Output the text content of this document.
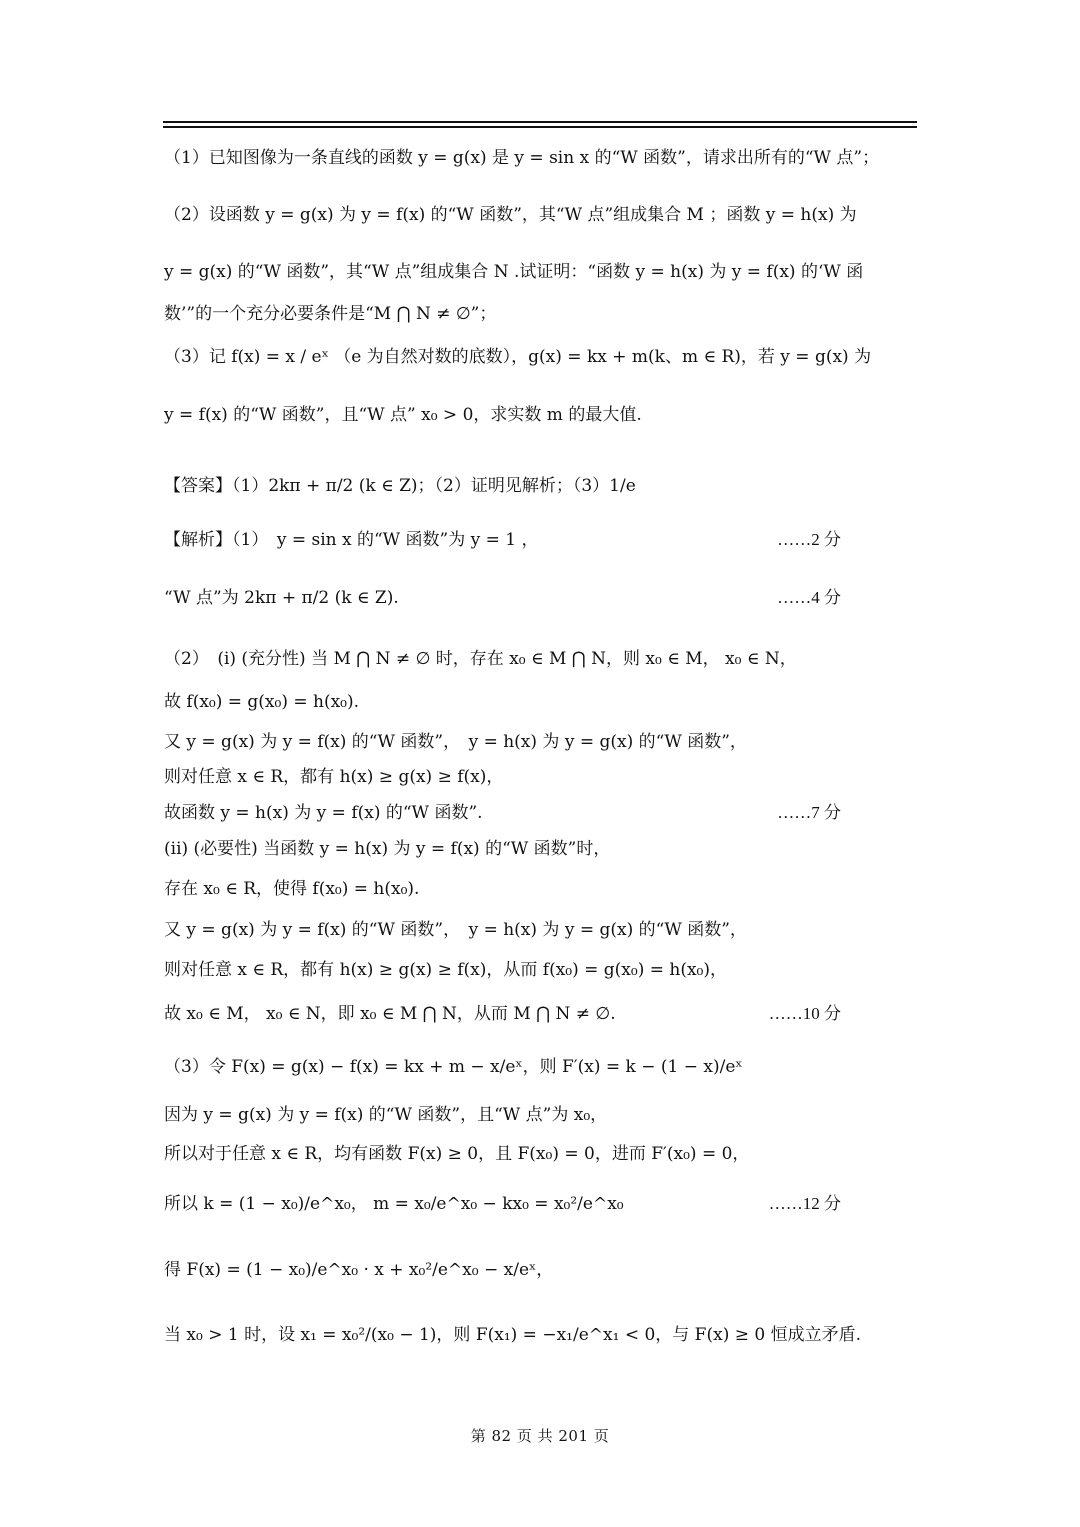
（1）已知图像为一条直线的函数 y = g(x) 是 y = sin x 的“W 函数”，请求出所有的“W 点”；
（2）设函数 y = g(x) 为 y = f(x) 的“W 函数”，其“W 点”组成集合 M ；函数 y = h(x) 为
y = g(x) 的“W 函数”，其“W 点”组成集合 N .试证明：“函数 y = h(x) 为 y = f(x) 的‘W 函
数’”的一个充分必要条件是“M ⋂ N ≠ ∅”；
（3）记 f(x) = x / eˣ （e 为自然对数的底数），g(x) = kx + m(k、m ∈ R)，若 y = g(x) 为
y = f(x) 的“W 函数”，且“W 点” x₀ > 0，求实数 m 的最大值.
【答案】（1）2kπ + π/2 (k ∈ Z)；（2）证明见解析；（3）1/e
【解析】（1）　y = sin x 的“W 函数”为 y = 1 ，	……2 分
“W 点”为 2kπ + π/2 (k ∈ Z).	……4 分
（2）　(i) (充分性) 当 M ⋂ N ≠ ∅ 时，存在 x₀ ∈ M ⋂ N，则 x₀ ∈ M， x₀ ∈ N，
故 f(x₀) = g(x₀) = h(x₀).
又 y = g(x) 为 y = f(x) 的“W 函数”，　y = h(x) 为 y = g(x) 的“W 函数”，
则对任意 x ∈ R，都有 h(x) ≥ g(x) ≥ f(x)，
故函数 y = h(x) 为 y = f(x) 的“W 函数”.	……7 分
(ii) (必要性) 当函数 y = h(x) 为 y = f(x) 的“W 函数”时，
存在 x₀ ∈ R，使得 f(x₀) = h(x₀).
又 y = g(x) 为 y = f(x) 的“W 函数”，　y = h(x) 为 y = g(x) 的“W 函数”，
则对任意 x ∈ R，都有 h(x) ≥ g(x) ≥ f(x)，从而 f(x₀) = g(x₀) = h(x₀)，
故 x₀ ∈ M， x₀ ∈ N，即 x₀ ∈ M ⋂ N，从而 M ⋂ N ≠ ∅.	……10 分
（3）令 F(x) = g(x) − f(x) = kx + m − x/eˣ，则 F′(x) = k − (1 − x)/eˣ
因为 y = g(x) 为 y = f(x) 的“W 函数”，且“W 点”为 x₀，
所以对于任意 x ∈ R，均有函数 F(x) ≥ 0，且 F(x₀) = 0，进而 F′(x₀) = 0，
所以 k = (1 − x₀)/e^x₀， m = x₀/e^x₀ − kx₀ = x₀²/e^x₀	……12 分
得 F(x) = (1 − x₀)/e^x₀ · x + x₀²/e^x₀ − x/eˣ，
当 x₀ > 1 时，设 x₁ = x₀²/(x₀ − 1)，则 F(x₁) = −x₁/e^x₁ < 0，与 F(x) ≥ 0 恒成立矛盾.
第 82 页 共 201 页
